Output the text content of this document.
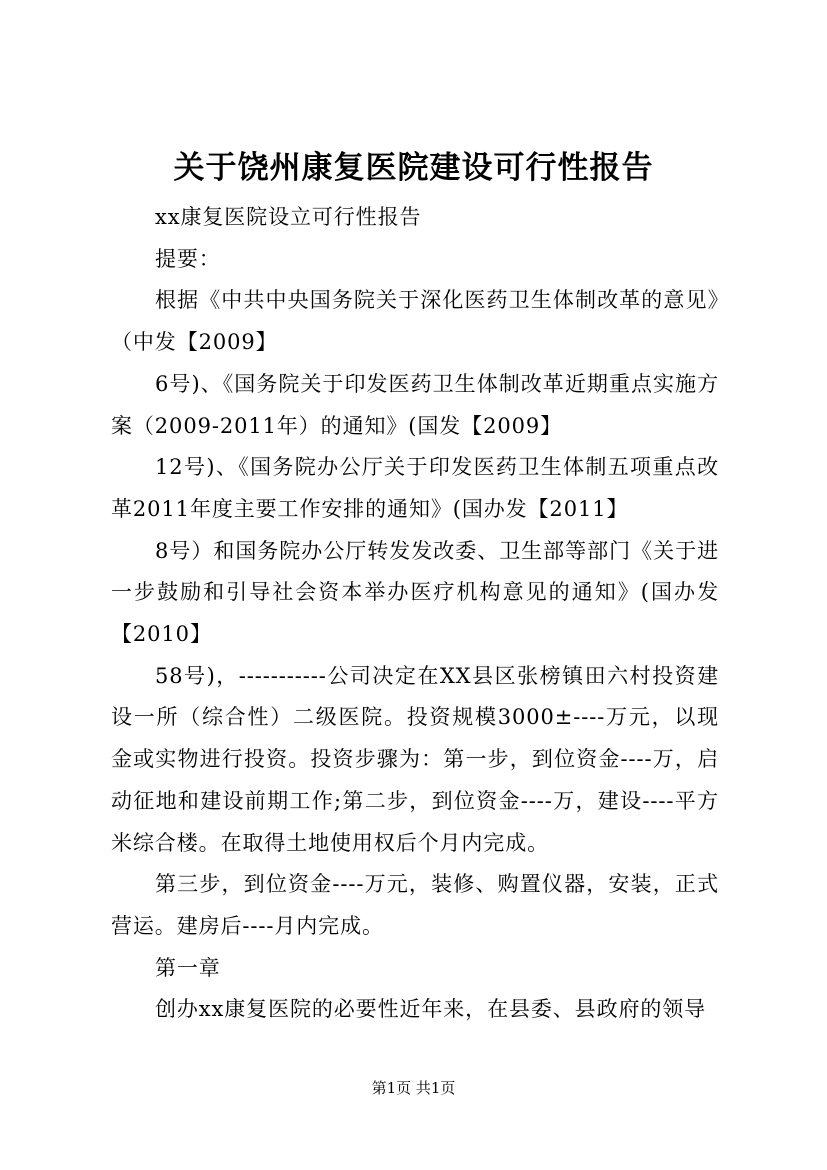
关于饶州康复医院建设可行性报告

xx康复医院设立可行性报告

提要：

根据《中共中央国务院关于深化医药卫生体制改革的意见》（中发【2009】

6号)、《国务院关于印发医药卫生体制改革近期重点实施方案（2009-2011年）的通知》(国发【2009】

12号)、《国务院办公厅关于印发医药卫生体制五项重点改革2011年度主要工作安排的通知》(国办发【2011】

8号）和国务院办公厅转发发改委、卫生部等部门《关于进一步鼓励和引导社会资本举办医疗机构意见的通知》(国办发【2010】

58号)，-----------公司决定在XX县区张榜镇田六村投资建设一所（综合性）二级医院。投资规模3000±----万元，以现金或实物进行投资。投资步骤为：第一步，到位资金----万，启动征地和建设前期工作;第二步，到位资金----万，建设----平方米综合楼。在取得土地使用权后个月内完成。

第三步，到位资金----万元，装修、购置仪器，安装，正式营运。建房后----月内完成。

第一章

创办xx康复医院的必要性近年来，在县委、县政府的领导

第1页 共1页
